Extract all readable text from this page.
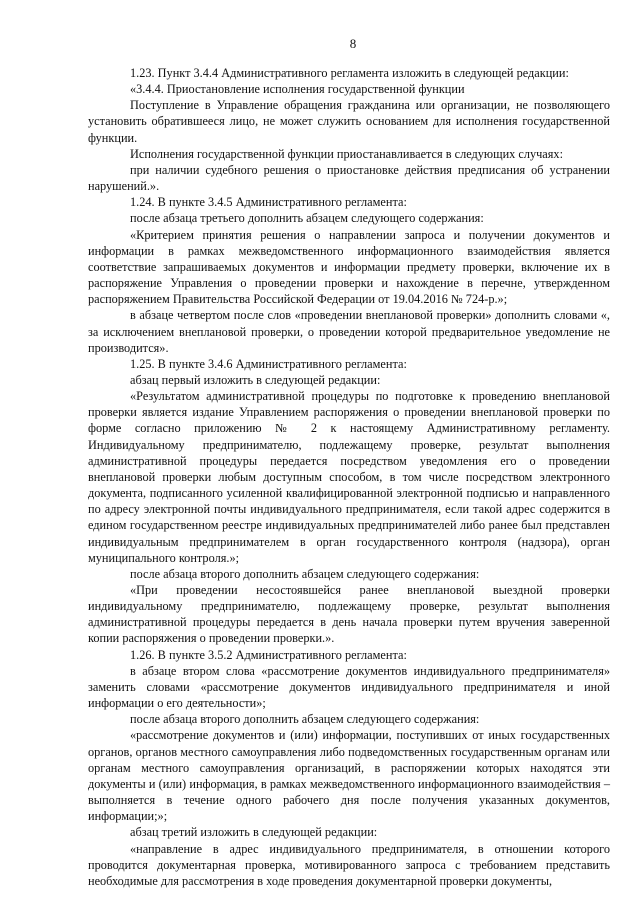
8

1.23. Пункт 3.4.4 Административного регламента изложить в следующей редакции:

«3.4.4. Приостановление исполнения государственной функции

Поступление в Управление обращения гражданина или организации, не позволяющего установить обратившееся лицо, не может служить основанием для исполнения государственной функции.

Исполнения государственной функции приостанавливается в следующих случаях:

при наличии судебного решения о приостановке действия предписания об устранении нарушений.».

1.24. В пункте 3.4.5 Административного регламента:

после абзаца третьего дополнить абзацем следующего содержания:

«Критерием принятия решения о направлении запроса и получении документов и информации в рамках межведомственного информационного взаимодействия является соответствие запрашиваемых документов и информации предмету проверки, включение их в распоряжение Управления о проведении проверки и нахождение в перечне, утвержденном распоряжением Правительства Российской Федерации от 19.04.2016 № 724-р.»;

в абзаце четвертом после слов «проведении внеплановой проверки» дополнить словами «, за исключением внеплановой проверки, о проведении которой предварительное уведомление не производится».

1.25. В пункте 3.4.6 Административного регламента:

абзац первый изложить в следующей редакции:

«Результатом административной процедуры по подготовке к проведению внеплановой проверки является издание Управлением распоряжения о проведении внеплановой проверки по форме согласно приложению № 2 к настоящему Административному регламенту. Индивидуальному предпринимателю, подлежащему проверке, результат выполнения административной процедуры передается посредством уведомления его о проведении внеплановой проверки любым доступным способом, в том числе посредством электронного документа, подписанного усиленной квалифицированной электронной подписью и направленного по адресу электронной почты индивидуального предпринимателя, если такой адрес содержится в едином государственном реестре индивидуальных предпринимателей либо ранее был представлен индивидуальным предпринимателем в орган государственного контроля (надзора), орган муниципального контроля.»;

после абзаца второго дополнить абзацем следующего содержания:

«При проведении несостоявшейся ранее внеплановой выездной проверки индивидуальному предпринимателю, подлежащему проверке, результат выполнения административной процедуры передается в день начала проверки путем вручения заверенной копии распоряжения о проведении проверки.».

1.26. В пункте 3.5.2 Административного регламента:

в абзаце втором слова «рассмотрение документов индивидуального предпринимателя» заменить словами «рассмотрение документов индивидуального предпринимателя и иной информации о его деятельности»;

после абзаца второго дополнить абзацем следующего содержания:

«рассмотрение документов и (или) информации, поступивших от иных государственных органов, органов местного самоуправления либо подведомственных государственным органам или органам местного самоуправления организаций, в распоряжении которых находятся эти документы и (или) информация, в рамках межведомственного информационного взаимодействия – выполняется в течение одного рабочего дня после получения указанных документов, информации;»;

абзац третий изложить в следующей редакции:

«направление в адрес индивидуального предпринимателя, в отношении которого проводится документарная проверка, мотивированного запроса с требованием представить необходимые для рассмотрения в ходе проведения документарной проверки документы,
